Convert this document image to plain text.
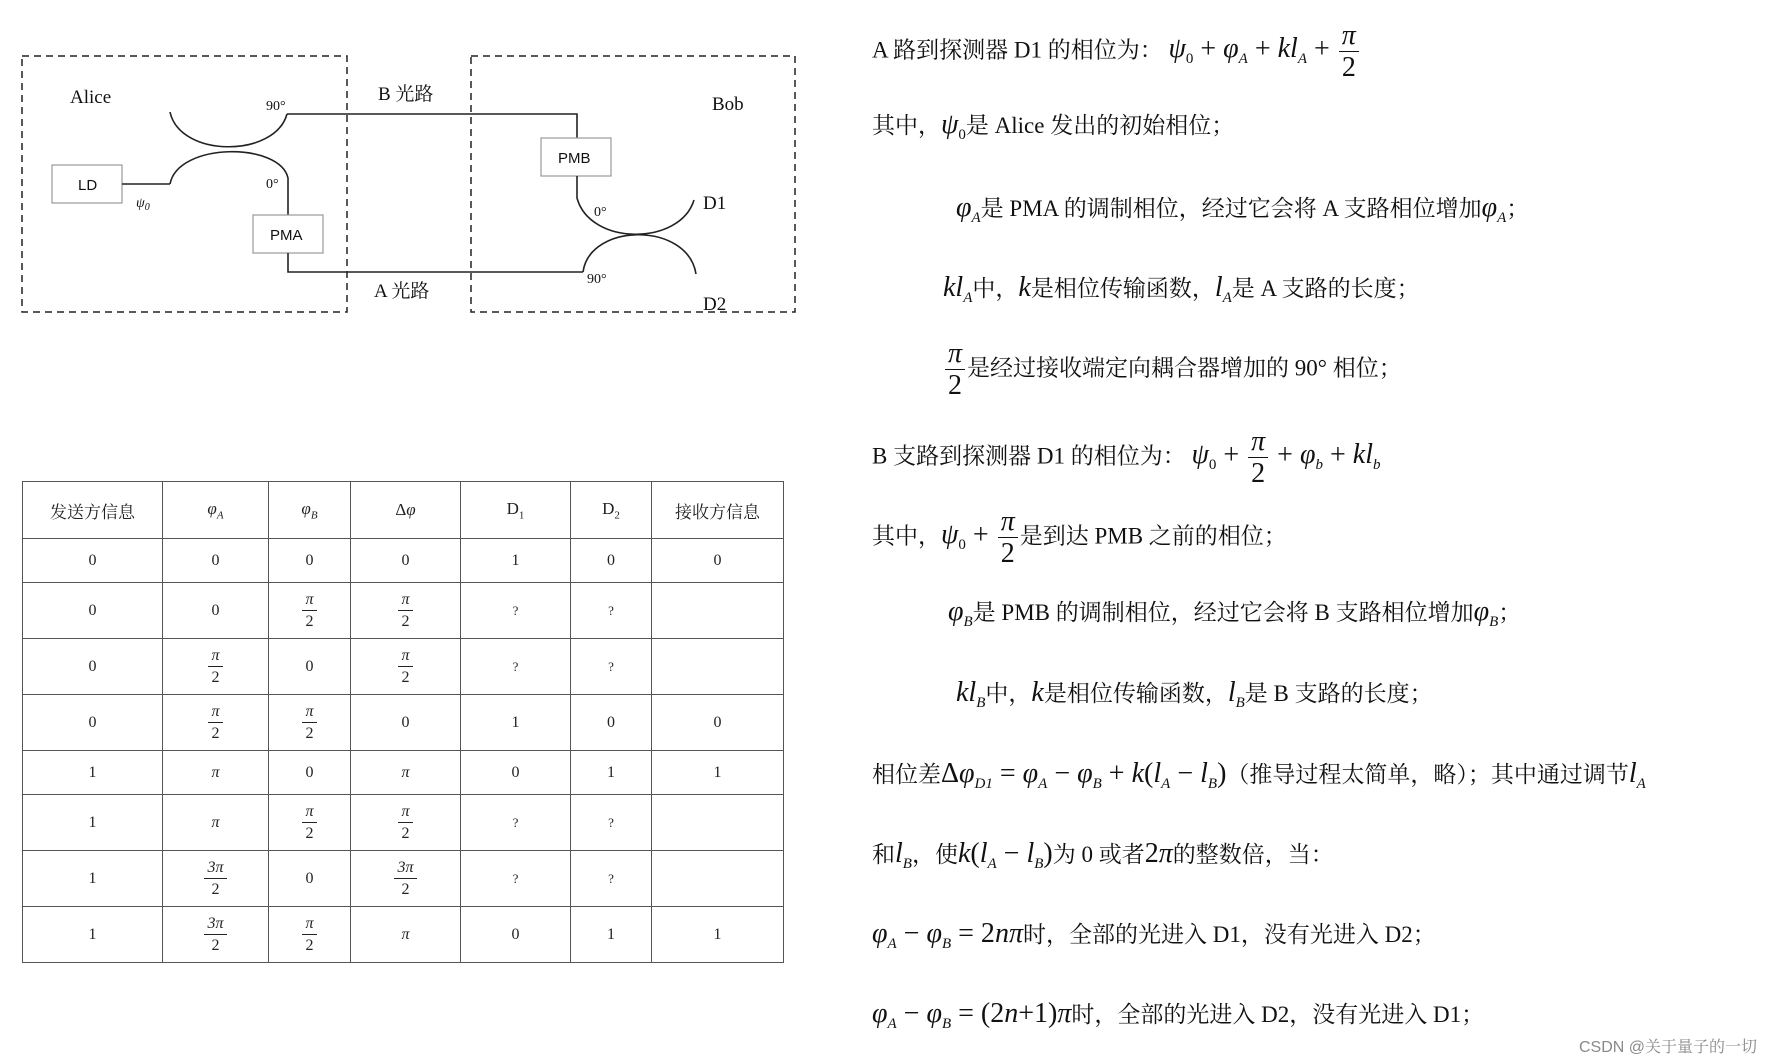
Alice	Bob
LD
$\psi_0$
90°
0°
PMA
B 光路
A 光路
PMB
0°
90°
D1
D2
发送方信息	$\varphi_A$	$\varphi_B$	Δφ	$D_1$	$D_2$	接收方信息
0	0	0	0	1	0	0
0	0	$\frac{\pi}{2}$	$\frac{\pi}{2}$	?	?	
0	$\frac{\pi}{2}$	0	$\frac{\pi}{2}$	?	?	
0	$\frac{\pi}{2}$	$\frac{\pi}{2}$	0	1	0	0
1	π	0	π	0	1	1
1	π	$\frac{\pi}{2}$	$\frac{\pi}{2}$	?	?	
1	$\frac{3\pi}{2}$	0	$\frac{3\pi}{2}$	?	?	
1	$\frac{3\pi}{2}$	$\frac{\pi}{2}$	π	0	1	1
A 路到探测器 D1 的相位为： $\psi_0 + \varphi_A + kl_A + \frac{\pi}{2}$
其中，$\psi_0$是 Alice 发出的初始相位；
$\varphi_A$是 PMA 的调制相位，经过它会将 A 支路相位增加$\varphi_A$；
$kl_A$中，k是相位传输函数，$l_A$是 A 支路的长度；
$\frac{\pi}{2}$ 是经过接收端定向耦合器增加的 90° 相位；
B 支路到探测器 D1 的相位为： $\psi_0 + \frac{\pi}{2} + \varphi_b + kl_b$
其中，$\psi_0 + \frac{\pi}{2}$ 是到达 PMB 之前的相位；
$\varphi_B$是 PMB 的调制相位，经过它会将 B 支路相位增加$\varphi_B$；
$kl_B$中，k是相位传输函数，$l_B$是 B 支路的长度；
相位差$\Delta\varphi_{D1} = \varphi_A - \varphi_B + k(l_A - l_B)$（推导过程太简单，略）；其中通过调节$l_A$
和$l_B$，使$k(l_A - l_B)$为 0 或者2π的整数倍，当：
$\varphi_A - \varphi_B = 2n\pi$时，全部的光进入 D1，没有光进入 D2；
$\varphi_A - \varphi_B = (2n+1)\pi$时，全部的光进入 D2，没有光进入 D1；
CSDN @关于量子的一切
